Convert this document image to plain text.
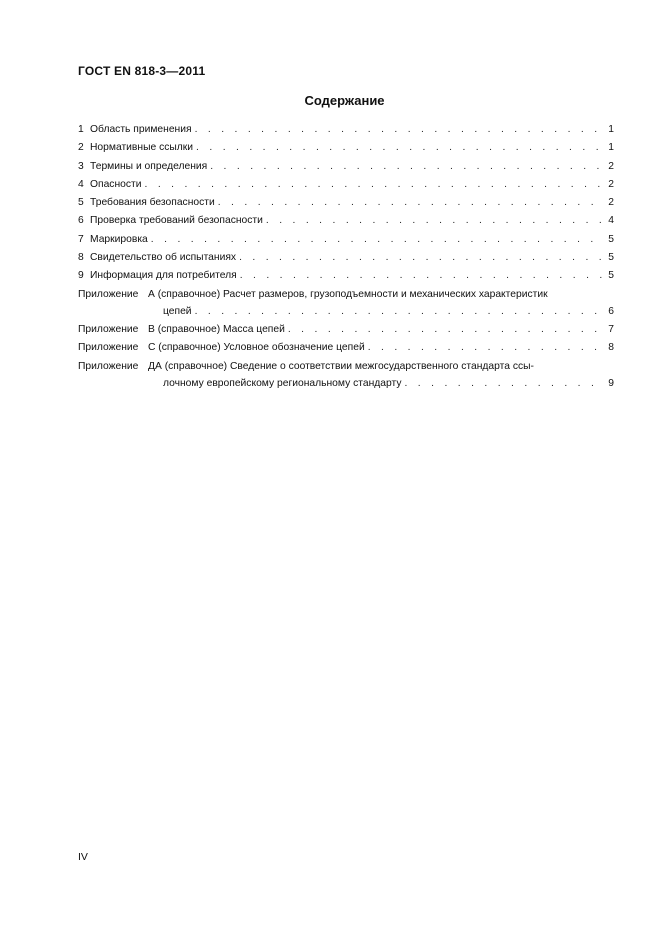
ГОСТ EN 818-3—2011
Содержание
1 Область применения . . .	1
2 Нормативные ссылки . . .	1
3 Термины и определения . . .	2
4 Опасности . . .	2
5 Требования безопасности . . .	2
6 Проверка требований безопасности . . .	4
7 Маркировка . . .	5
8 Свидетельство об испытаниях . . .	5
9 Информация для потребителя . . .	5
Приложение А (справочное) Расчет размеров, грузоподъемности и механических характеристик
цепей . . .	6
Приложение В (справочное) Масса цепей . . .	7
Приложение С (справочное) Условное обозначение цепей . . .	8
Приложение ДА (справочное) Сведение о соответствии межгосударственного стандарта ссы-
лочному европейскому региональному стандарту . . .	9
IV
